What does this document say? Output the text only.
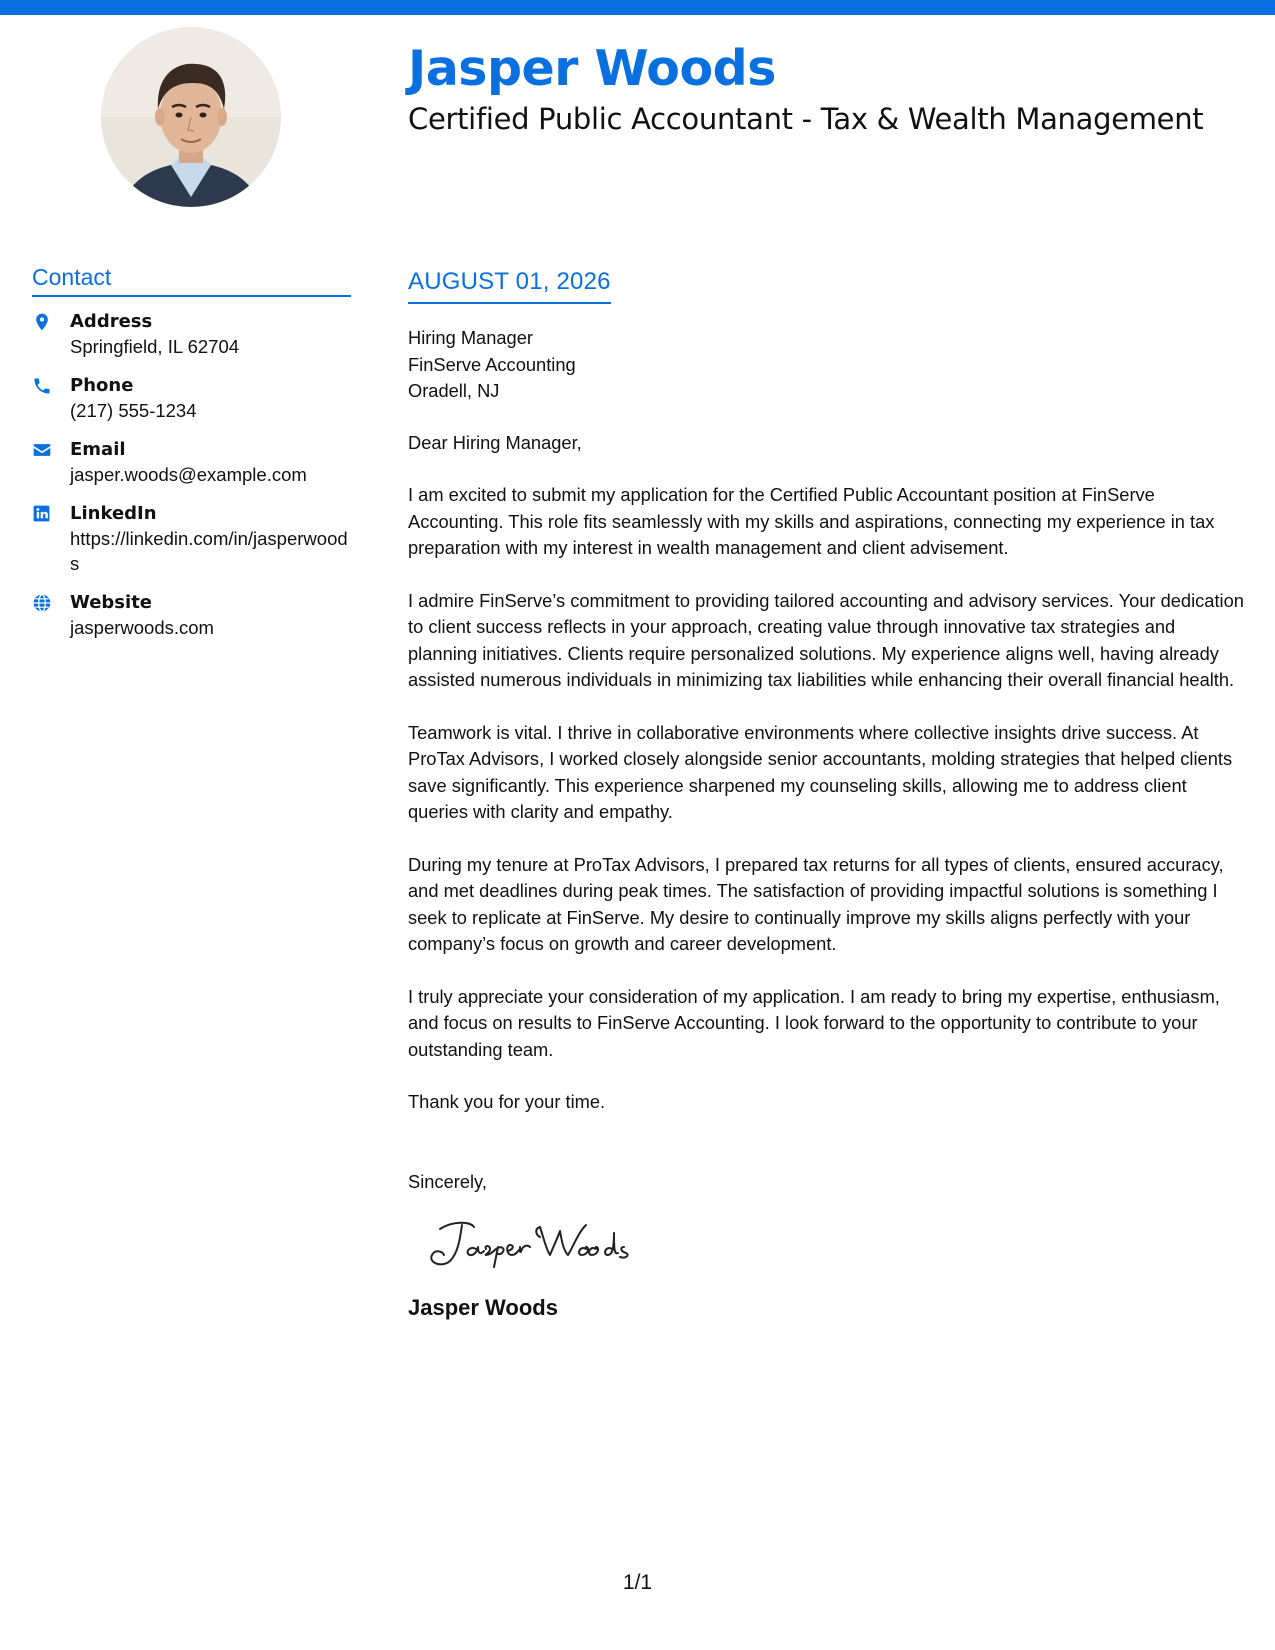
Jasper Woods
Certified Public Accountant - Tax & Wealth Management
Contact
Address
Springfield, IL 62704
Phone
(217) 555-1234
Email
jasper.woods@example.com
LinkedIn
https://linkedin.com/in/jasperwoods
Website
jasperwoods.com
AUGUST 01, 2026
Hiring Manager
FinServe Accounting
Oradell, NJ
Dear Hiring Manager,
I am excited to submit my application for the Certified Public Accountant position at FinServe Accounting. This role fits seamlessly with my skills and aspirations, connecting my experience in tax preparation with my interest in wealth management and client advisement.
I admire FinServe’s commitment to providing tailored accounting and advisory services. Your dedication to client success reflects in your approach, creating value through innovative tax strategies and planning initiatives. Clients require personalized solutions. My experience aligns well, having already assisted numerous individuals in minimizing tax liabilities while enhancing their overall financial health.
Teamwork is vital. I thrive in collaborative environments where collective insights drive success. At ProTax Advisors, I worked closely alongside senior accountants, molding strategies that helped clients save significantly. This experience sharpened my counseling skills, allowing me to address client queries with clarity and empathy.
During my tenure at ProTax Advisors, I prepared tax returns for all types of clients, ensured accuracy, and met deadlines during peak times. The satisfaction of providing impactful solutions is something I seek to replicate at FinServe. My desire to continually improve my skills aligns perfectly with your company’s focus on growth and career development.
I truly appreciate your consideration of my application. I am ready to bring my expertise, enthusiasm, and focus on results to FinServe Accounting. I look forward to the opportunity to contribute to your outstanding team.
Thank you for your time.
Sincerely,
Jasper Woods
1/1
